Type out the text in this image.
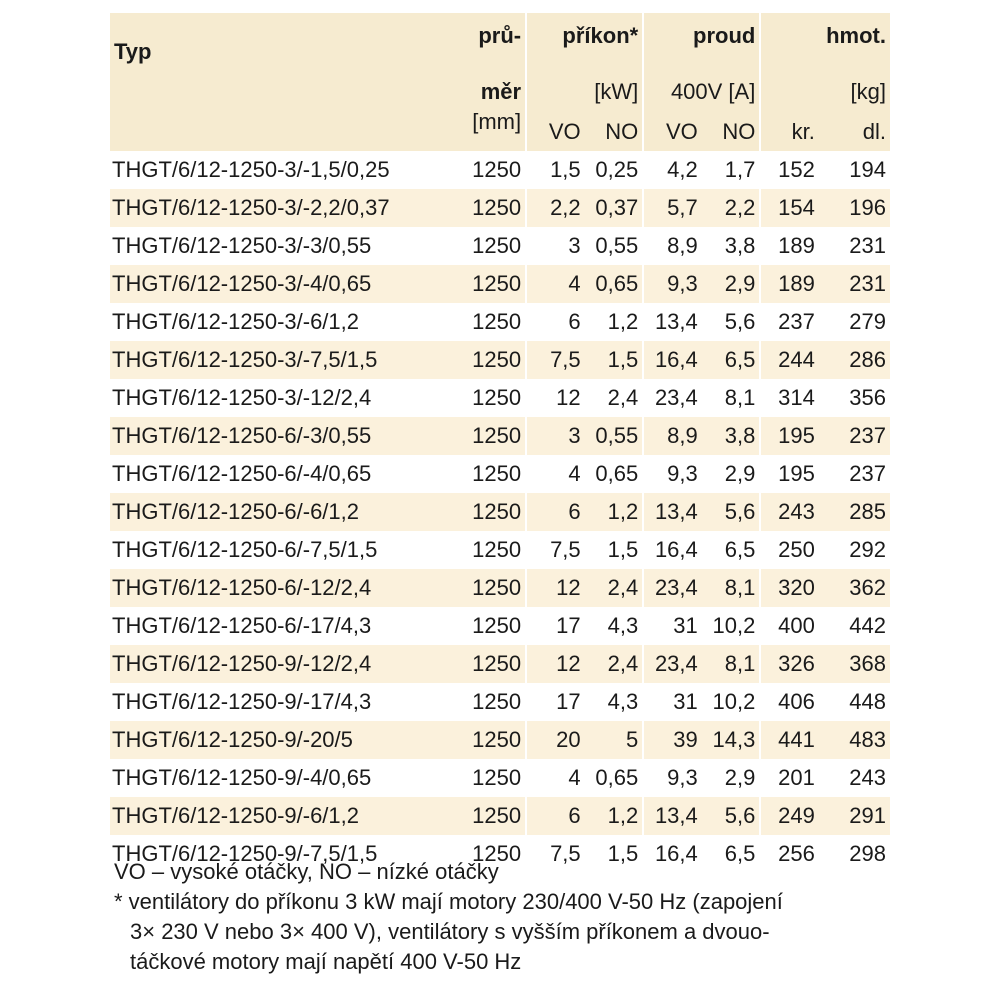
Typ	prů-	příkon*		proud		hmot.	
	měr	[kW]		400V [A]		[kg]	
	[mm]	VO	NO	VO	NO	kr.	dl.
THGT/6/12-1250-3/-1,5/0,25	1250	1,5	0,25	4,2	1,7	152	194
THGT/6/12-1250-3/-2,2/0,37	1250	2,2	0,37	5,7	2,2	154	196
THGT/6/12-1250-3/-3/0,55	1250	3	0,55	8,9	3,8	189	231
THGT/6/12-1250-3/-4/0,65	1250	4	0,65	9,3	2,9	189	231
THGT/6/12-1250-3/-6/1,2	1250	6	1,2	13,4	5,6	237	279
THGT/6/12-1250-3/-7,5/1,5	1250	7,5	1,5	16,4	6,5	244	286
THGT/6/12-1250-3/-12/2,4	1250	12	2,4	23,4	8,1	314	356
THGT/6/12-1250-6/-3/0,55	1250	3	0,55	8,9	3,8	195	237
THGT/6/12-1250-6/-4/0,65	1250	4	0,65	9,3	2,9	195	237
THGT/6/12-1250-6/-6/1,2	1250	6	1,2	13,4	5,6	243	285
THGT/6/12-1250-6/-7,5/1,5	1250	7,5	1,5	16,4	6,5	250	292
THGT/6/12-1250-6/-12/2,4	1250	12	2,4	23,4	8,1	320	362
THGT/6/12-1250-6/-17/4,3	1250	17	4,3	31	10,2	400	442
THGT/6/12-1250-9/-12/2,4	1250	12	2,4	23,4	8,1	326	368
THGT/6/12-1250-9/-17/4,3	1250	17	4,3	31	10,2	406	448
THGT/6/12-1250-9/-20/5	1250	20	5	39	14,3	441	483
THGT/6/12-1250-9/-4/0,65	1250	4	0,65	9,3	2,9	201	243
THGT/6/12-1250-9/-6/1,2	1250	6	1,2	13,4	5,6	249	291
THGT/6/12-1250-9/-7,5/1,5	1250	7,5	1,5	16,4	6,5	256	298

VO – vysoké otáčky, NO – nízké otáčky

* ventilátory do příkonu 3 kW mají motory 230/400 V-50 Hz (zapojení

3× 230 V nebo 3× 400 V), ventilátory s vyšším příkonem a dvouo-

táčkové motory mají napětí 400 V-50 Hz
